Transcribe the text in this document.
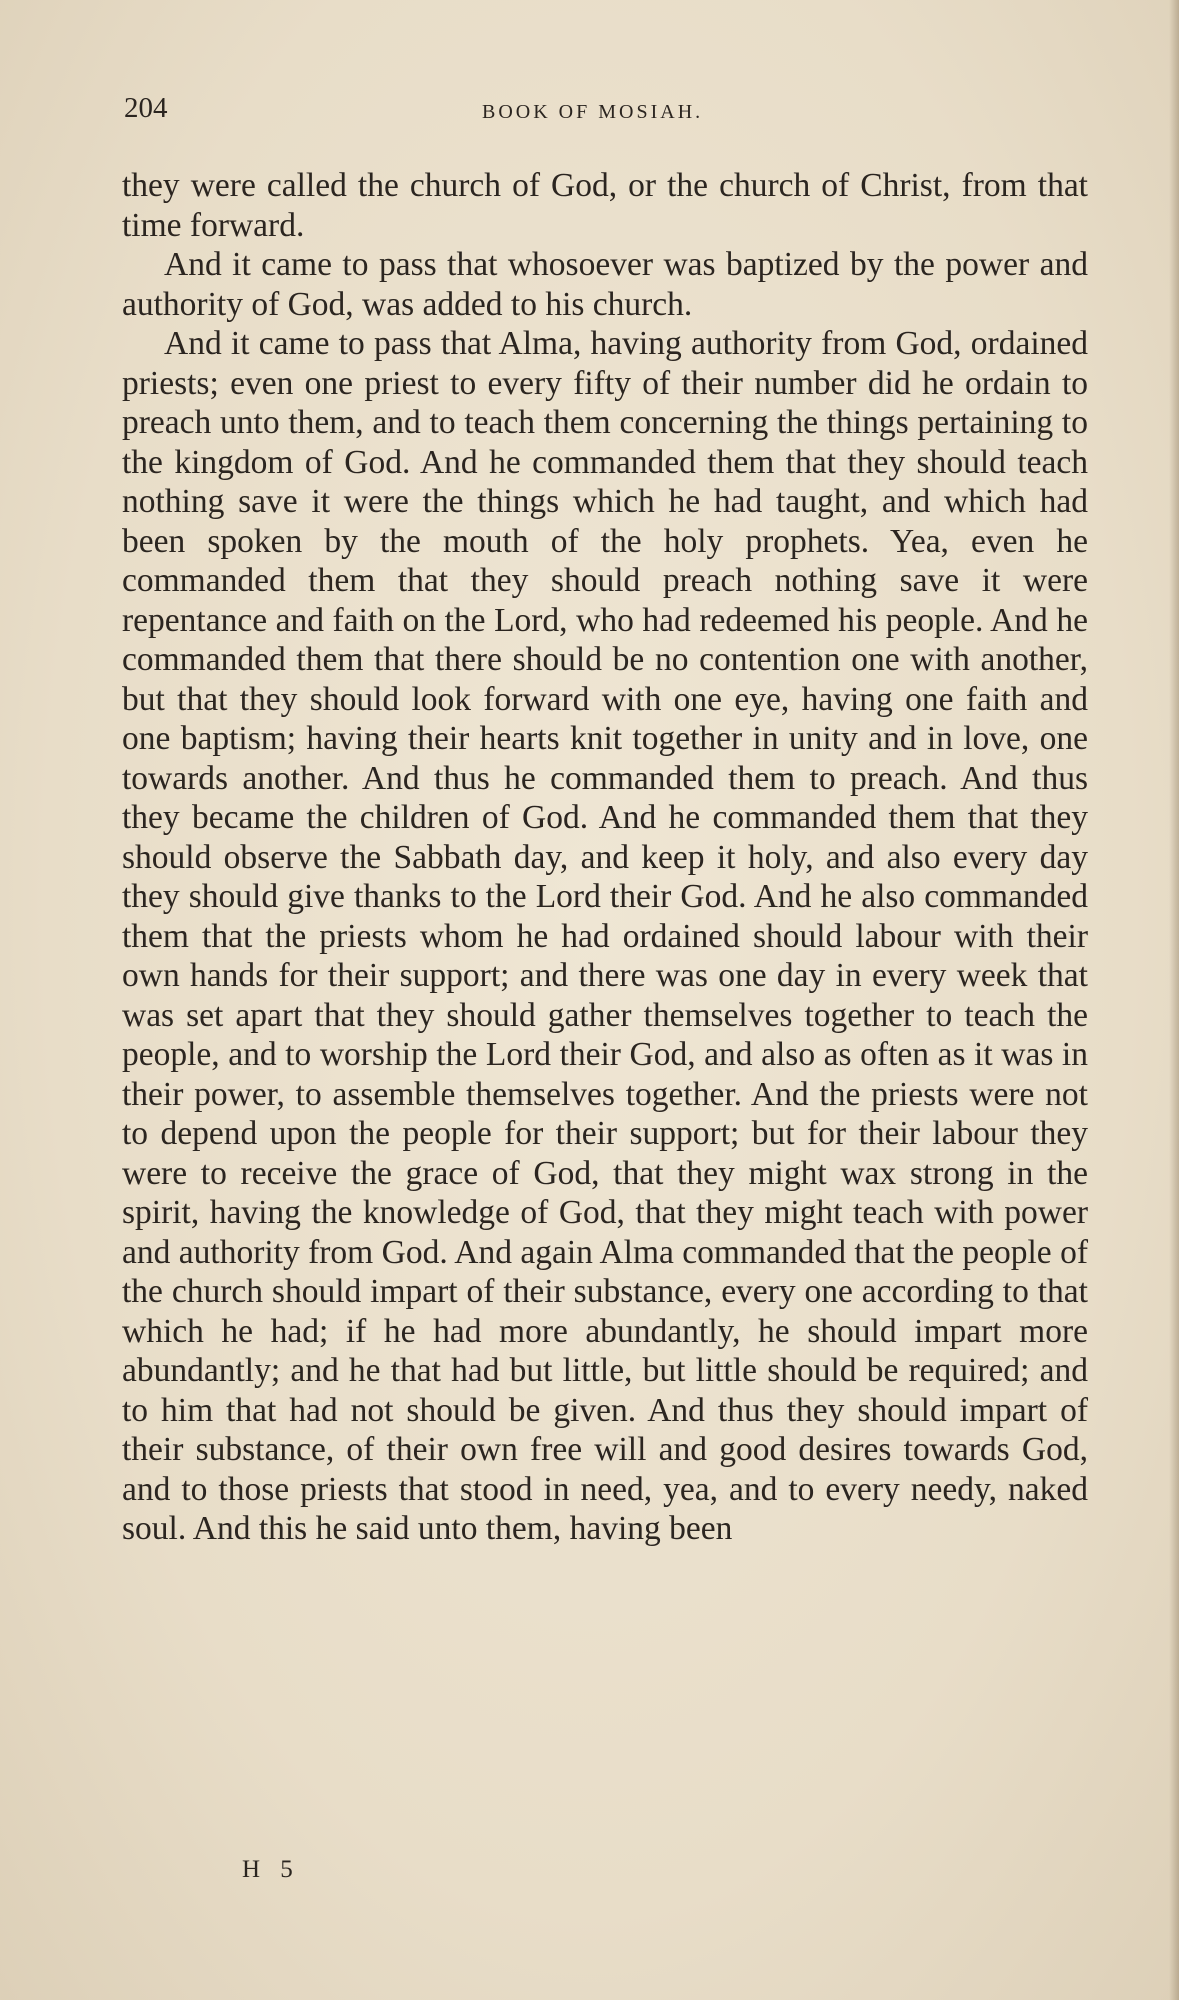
204	BOOK OF MOSIAH.

they were called the church of God, or the church of Christ, from that time forward.

And it came to pass that whosoever was baptized by the power and authority of God, was added to his church.

And it came to pass that Alma, having authority from God, ordained priests; even one priest to every fifty of their number did he ordain to preach unto them, and to teach them concerning the things pertaining to the kingdom of God. And he commanded them that they should teach nothing save it were the things which he had taught, and which had been spoken by the mouth of the holy prophets. Yea, even he commanded them that they should preach nothing save it were repentance and faith on the Lord, who had redeemed his people. And he commanded them that there should be no contention one with another, but that they should look forward with one eye, having one faith and one baptism; having their hearts knit together in unity and in love, one towards another. And thus he commanded them to preach. And thus they became the children of God. And he commanded them that they should observe the Sabbath day, and keep it holy, and also every day they should give thanks to the Lord their God. And he also commanded them that the priests whom he had ordained should labour with their own hands for their support; and there was one day in every week that was set apart that they should gather themselves together to teach the people, and to worship the Lord their God, and also as often as it was in their power, to assemble themselves together. And the priests were not to depend upon the people for their support; but for their labour they were to receive the grace of God, that they might wax strong in the spirit, having the knowledge of God, that they might teach with power and authority from God. And again Alma commanded that the people of the church should impart of their substance, every one according to that which he had; if he had more abundantly, he should impart more abundantly; and he that had but little, but little should be required; and to him that had not should be given. And thus they should impart of their substance, of their own free will and good desires towards God, and to those priests that stood in need, yea, and to every needy, naked soul. And this he said unto them, having been

H 5
